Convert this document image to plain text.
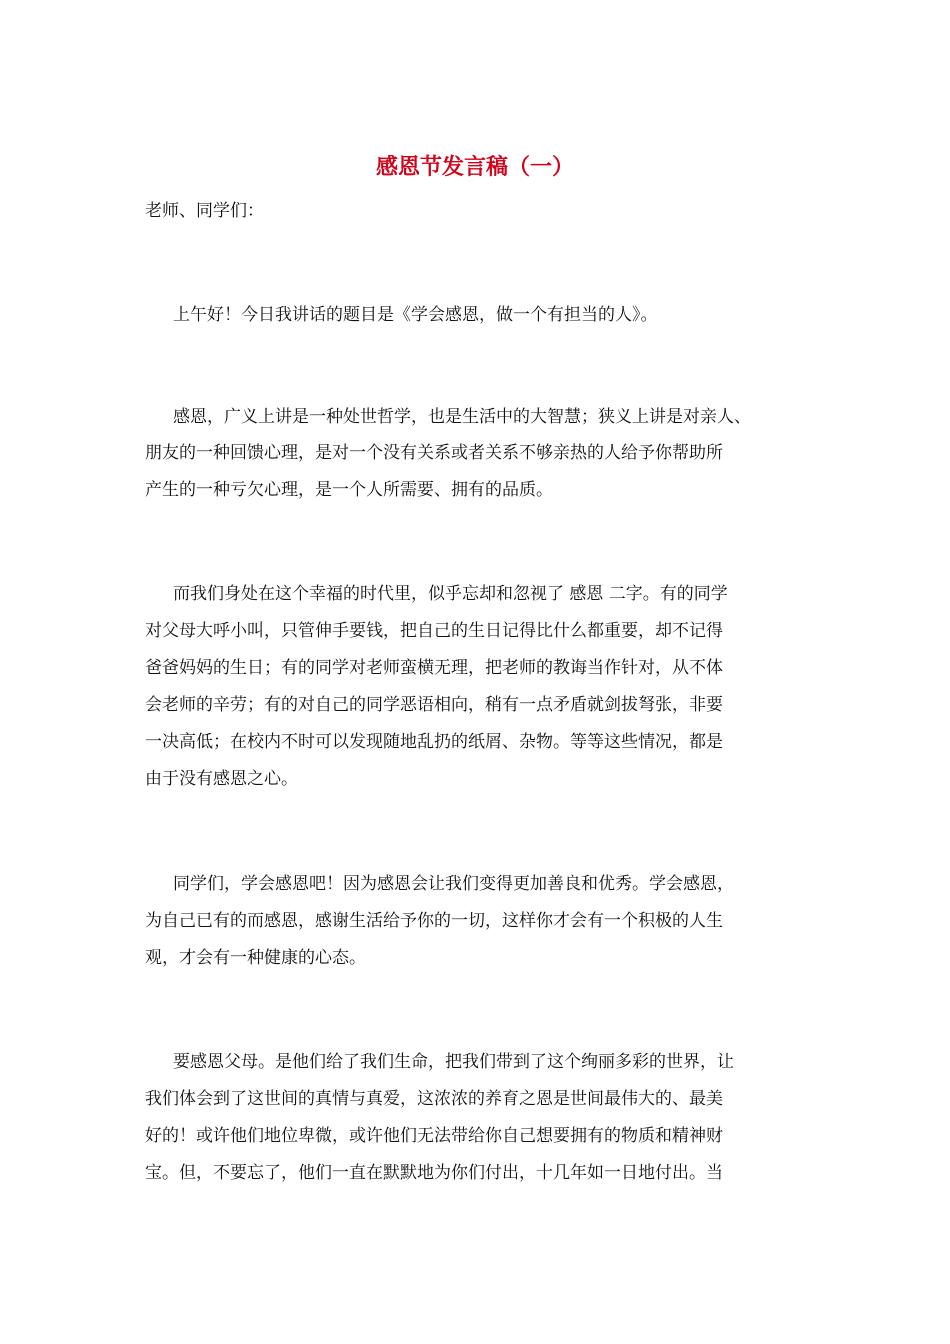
感恩节发言稿（一）
老师、同学们：
上午好！今日我讲话的题目是《学会感恩，做一个有担当的人》。
感恩，广义上讲是一种处世哲学，也是生活中的大智慧；狭义上讲是对亲人、
朋友的一种回馈心理，是对一个没有关系或者关系不够亲热的人给予你帮助所
产生的一种亏欠心理，是一个人所需要、拥有的品质。
而我们身处在这个幸福的时代里，似乎忘却和忽视了 感恩 二字。有的同学
对父母大呼小叫，只管伸手要钱，把自己的生日记得比什么都重要，却不记得
爸爸妈妈的生日；有的同学对老师蛮横无理，把老师的教诲当作针对，从不体
会老师的辛劳；有的对自己的同学恶语相向，稍有一点矛盾就剑拔弩张，非要
一决高低；在校内不时可以发现随地乱扔的纸屑、杂物。等等这些情况，都是
由于没有感恩之心。
同学们，学会感恩吧！因为感恩会让我们变得更加善良和优秀。学会感恩，
为自己已有的而感恩，感谢生活给予你的一切，这样你才会有一个积极的人生
观，才会有一种健康的心态。
要感恩父母。是他们给了我们生命，把我们带到了这个绚丽多彩的世界，让
我们体会到了这世间的真情与真爱，这浓浓的养育之恩是世间最伟大的、最美
好的！或许他们地位卑微，或许他们无法带给你自己想要拥有的物质和精神财
宝。但，不要忘了，他们一直在默默地为你们付出，十几年如一日地付出。当
